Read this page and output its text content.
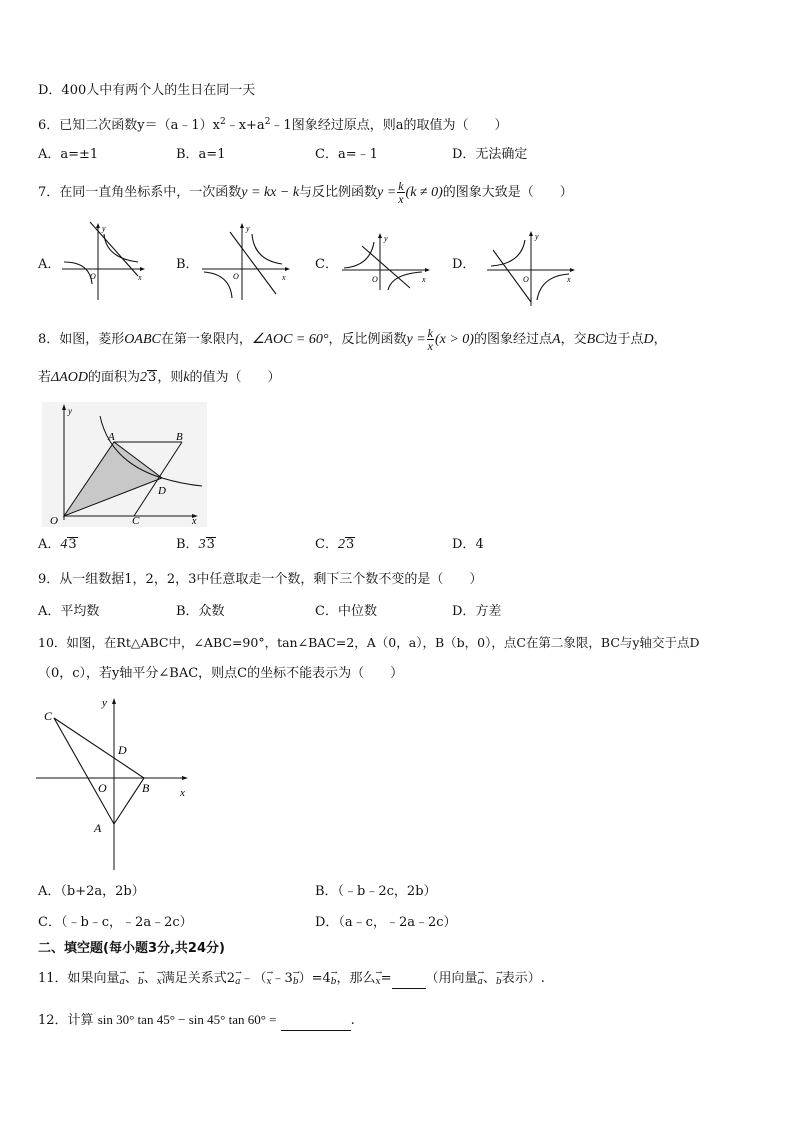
D．400人中有两个人的生日在同一天
6．已知二次函数$y=(a﹣1)x^2﹣x+a^2﹣1$图象经过原点，则a的取值为（　　）
A．a=±1	B．a=1	C．a=﹣1	D．无法确定
7．在同一直角坐标系中，一次函数y = kx − k与反比例函数$y = \frac{k}{x} (k \ne 0)$的图象大致是（　　）
A．	B．	C．	D．
y
x
O
y
x
O
y
x
O
y
x
O
8．如图，菱形OABC在第一象限内，∠AOC = 60°，反比例函数$y = \frac{k}{x} (x > 0)$的图象经过点A，交BC边于点D，
若ΔAOD的面积为23，则k的值为（　　）
y
x
O
A	B
C
D
A．43	B．33	C．23	D．4
9．从一组数据1，2，2，3中任意取走一个数，剩下三个数不变的是（　　）
A．平均数	B．众数	C．中位数	D．方差
10．如图，在Rt△ABC中，∠ABC=90°，tan∠BAC=2，A（0，a），B（b，0），点C在第二象限，BC与y轴交于点D
（0，c），若y轴平分∠BAC，则点C的坐标不能表示为（　　）
C
y
D
O	B	x
A
A．（b+2a，2b）	B．（﹣b﹣2c，2b）
C．（﹣b﹣c，﹣2a﹣2c）	D．（a﹣c，﹣2a﹣2c）
二、填空题(每小题3分,共24分)
11．如果向量→ a、→ b、→ x满足关系式2→ a﹣（→ x﹣3→ b）=4→ b，那么→ x=	（用向量→ a、→ b表示）.
12．计算 sin 30° tan 45° − sin 45° tan 60° =	.
